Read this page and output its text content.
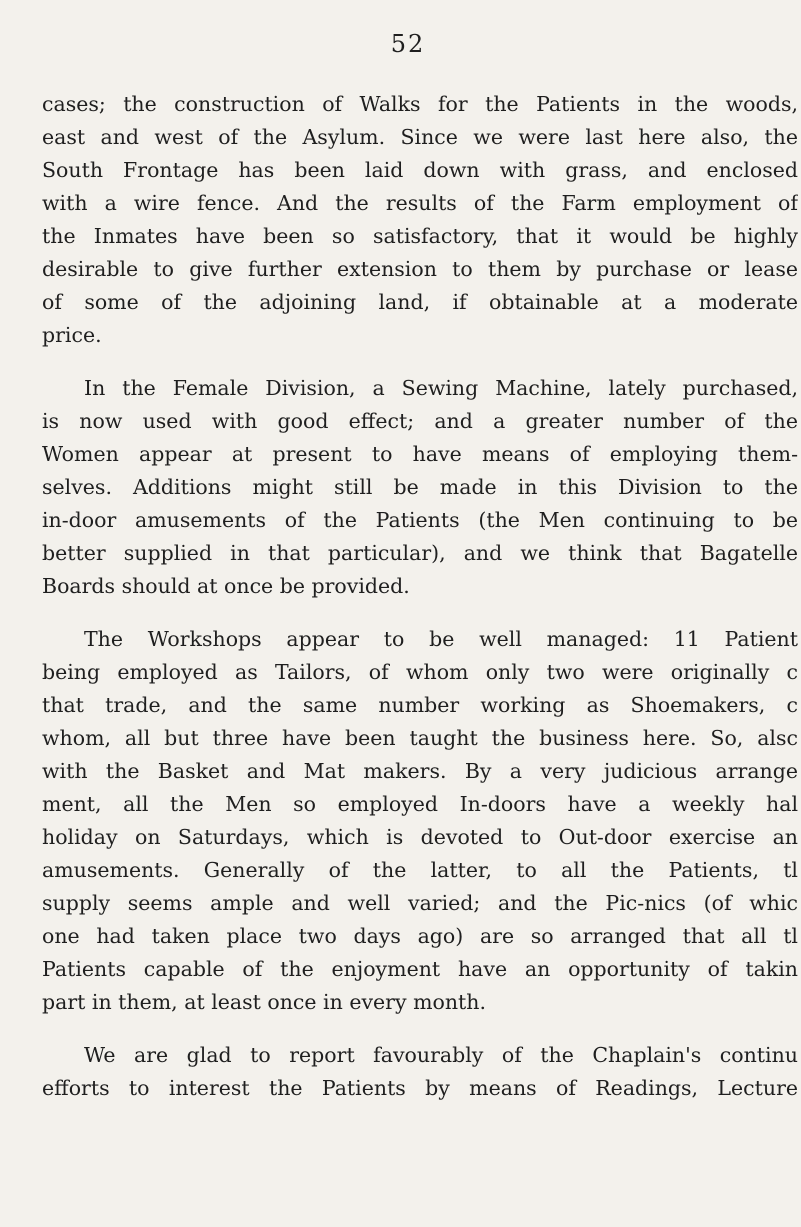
52

cases; the construction of Walks for the Patients in the woods,
east and west of the Asylum. Since we were last here also, the
South Frontage has been laid down with grass, and enclosed
with a wire fence. And the results of the Farm employment of
the Inmates have been so satisfactory, that it would be highly
desirable to give further extension to them by purchase or lease
of some of the adjoining land, if obtainable at a moderate
price.

In the Female Division, a Sewing Machine, lately purchased,
is now used with good effect; and a greater number of the
Women appear at present to have means of employing them-
selves. Additions might still be made in this Division to the
in-door amusements of the Patients (the Men continuing to be
better supplied in that particular), and we think that Bagatelle
Boards should at once be provided.

The Workshops appear to be well managed: 11 Patient
being employed as Tailors, of whom only two were originally c
that trade, and the same number working as Shoemakers, c
whom, all but three have been taught the business here. So, alsc
with the Basket and Mat makers. By a very judicious arrange
ment, all the Men so employed In-doors have a weekly hal
holiday on Saturdays, which is devoted to Out-door exercise an
amusements. Generally of the latter, to all the Patients, tl
supply seems ample and well varied; and the Pic-nics (of whic
one had taken place two days ago) are so arranged that all tl
Patients capable of the enjoyment have an opportunity of takin
part in them, at least once in every month.

We are glad to report favourably of the Chaplain's continu
efforts to interest the Patients by means of Readings, Lecture
